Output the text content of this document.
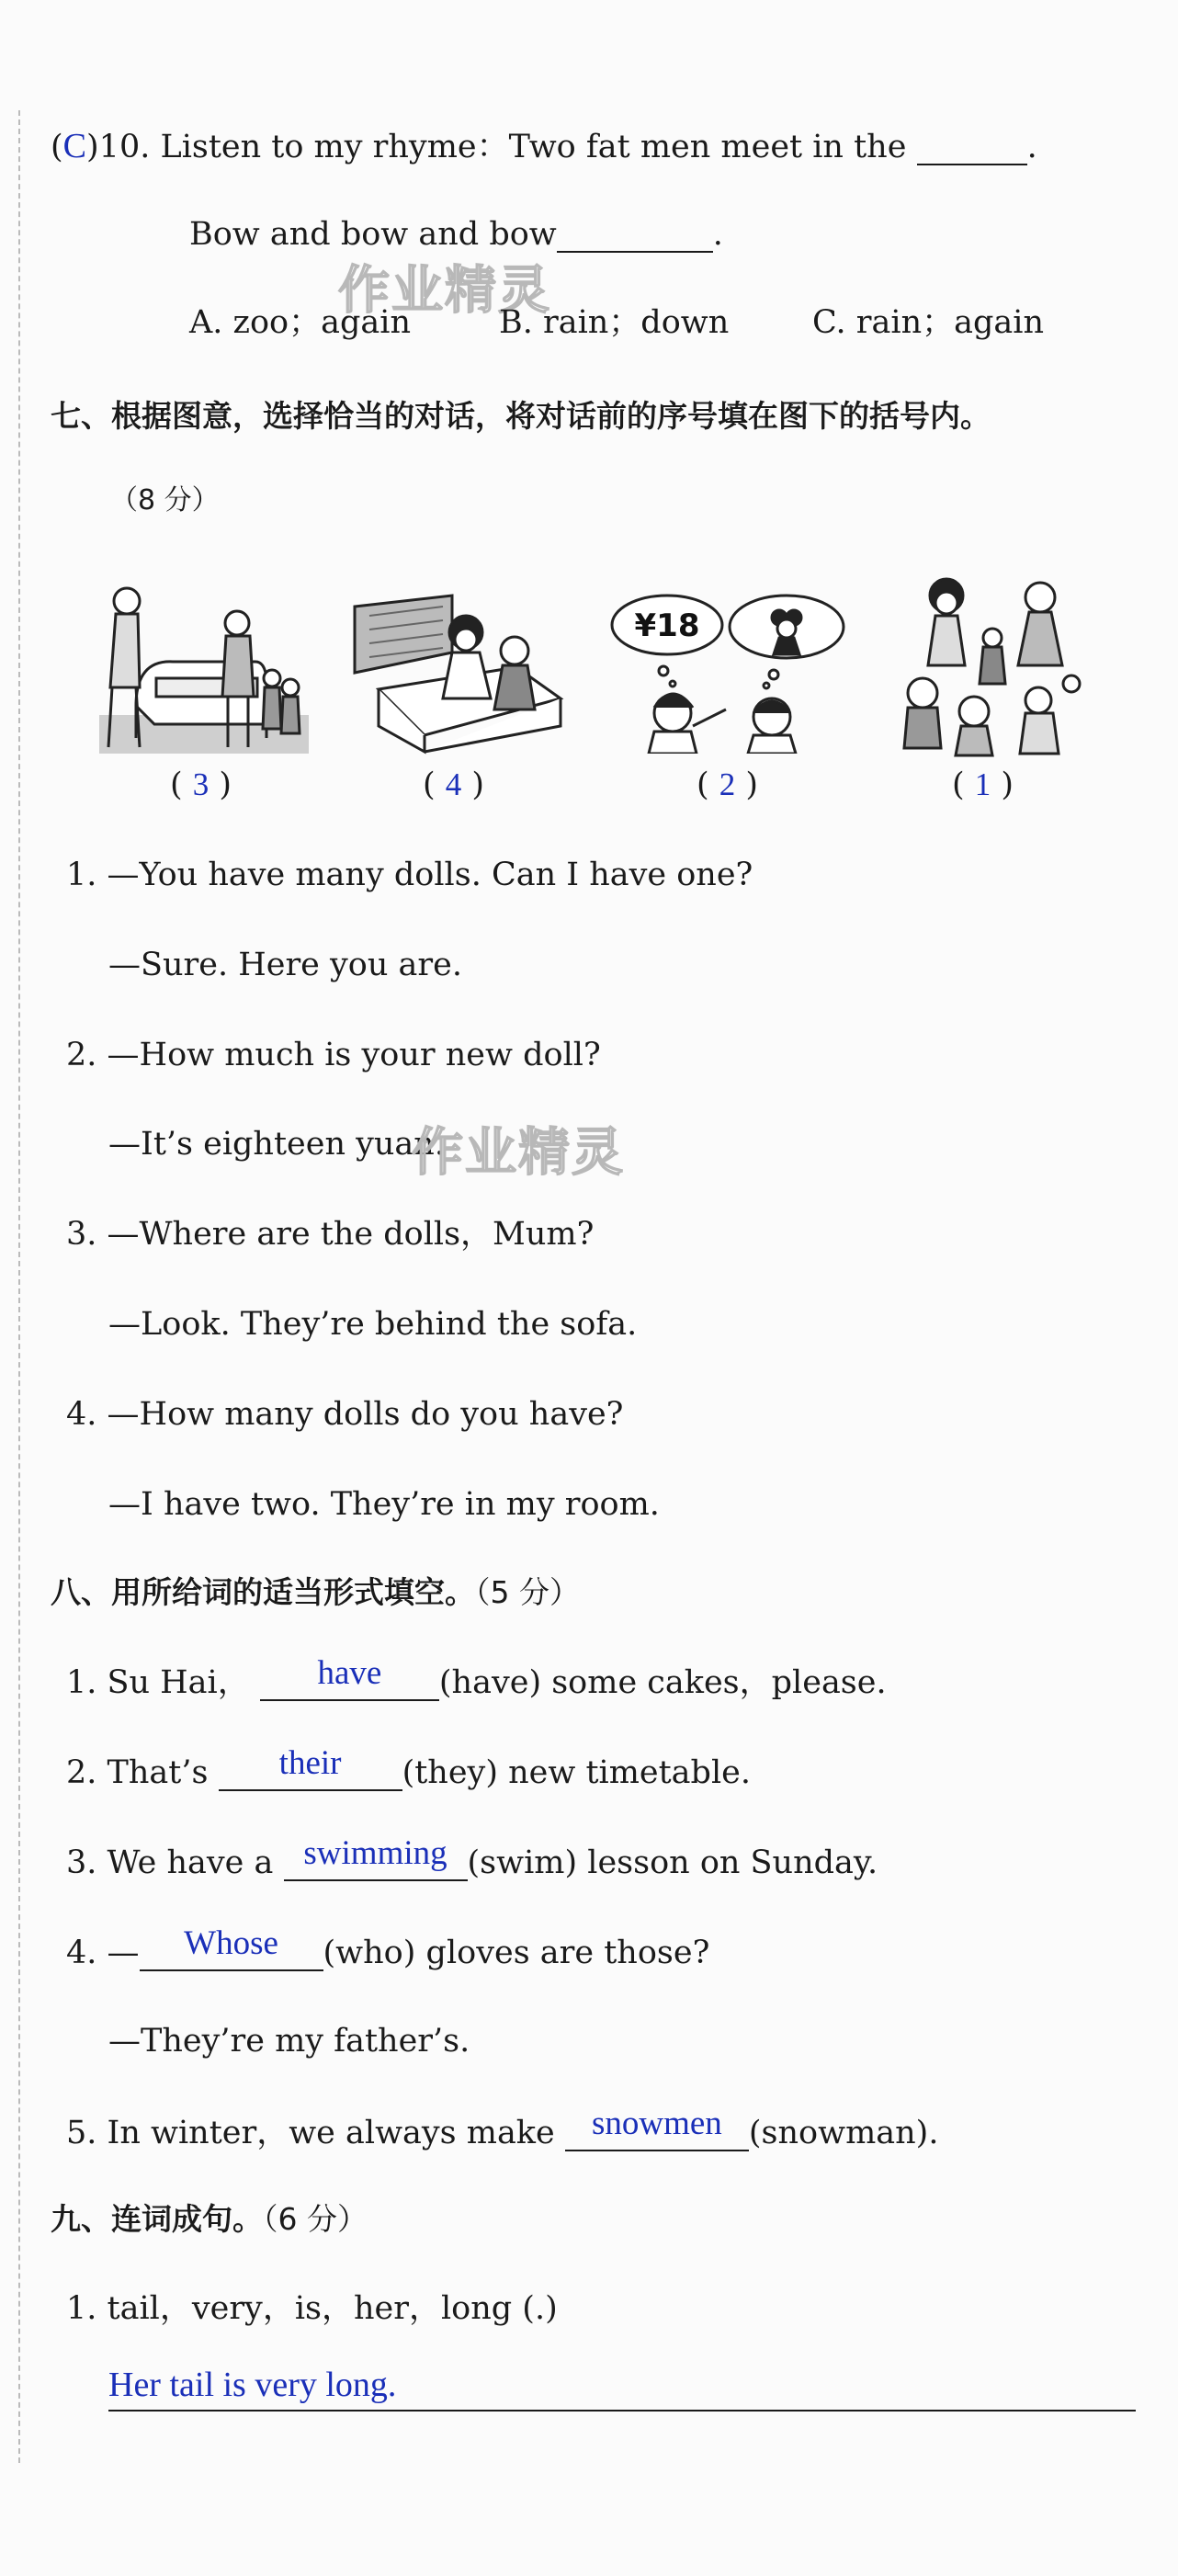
(C)10. Listen to my rhyme：Two fat men meet in the	.
Bow and bow and bow	.
作业精灵
A. zoo；again	B. rain；down	C. rain；again
七、根据图意，选择恰当的对话，将对话前的序号填在图下的括号内。
（8 分）
¥18
( 3 )	( 4 )	( 2 )	( 1 )
1. —You have many dolls. Can I have one?
—Sure. Here you are.
2. —How much is your new doll?
—It’s eighteen yuan.
作业精灵
3. —Where are the dolls，Mum?
—Look. They’re behind the sofa.
4. —How many dolls do you have?
—I have two. They’re in my room.
八、用所给词的适当形式填空。（5 分）
1. Su Hai， have (have) some cakes，please.
2. That’s their (they) new timetable.
3. We have a swimming (swim) lesson on Sunday.
4. — Whose (who) gloves are those?
—They’re my father’s.
5. In winter，we always make snowmen (snowman).
九、连词成句。（6 分）
1. tail，very，is，her，long (.)
Her tail is very long.
